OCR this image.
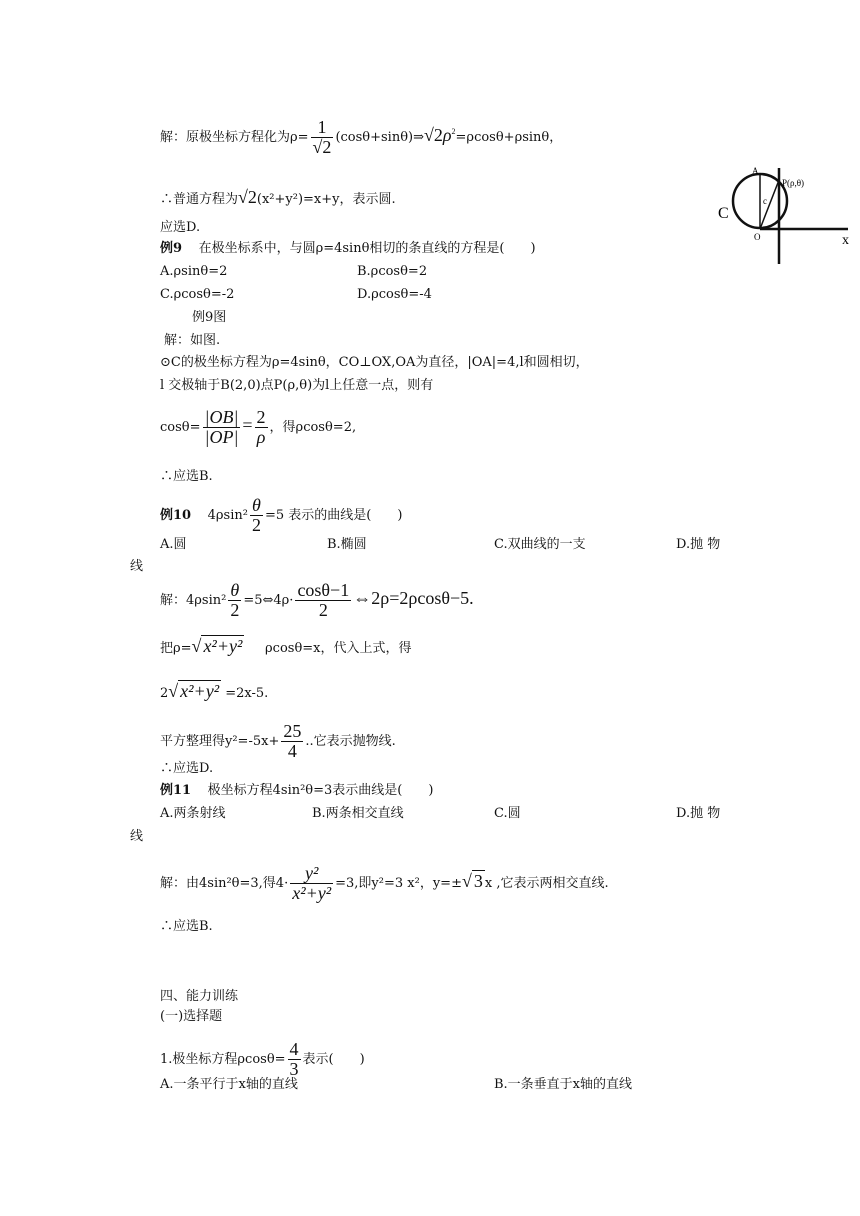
解：原极坐标方程化为$\rho= \frac{1}{√2}$ $(\cos\theta+\sin\theta)\Rightarrow√2\rho^2=\rho\cos\theta+\rho\sin\theta$，
∴普通方程为√2(x²+y²)=x+y，表示圆.
应选D.
C
A
c
O
P(ρ,θ)
x
例9 在极坐标系中，与圆ρ=4sinθ相切的条直线的方程是(　　)
A.ρsinθ=2	B.ρcosθ=2
C.ρcosθ=-2	D.ρcosθ=-4
例9图
解：如图.
⊙C的极坐标方程为ρ=4sinθ，CO⊥OX,OA为直径，|OA|=4,l和圆相切，
l 交极轴于B(2,0)点P(ρ,θ)为l上任意一点，则有
$\cos\theta= \frac{|OB|}{|OP|} = \frac{2}{\rho}$ ，得ρcosθ=2,
∴应选B.
例10 $4\rho\sin^2 \frac{\theta}{2} =5$ 表示的曲线是(　　)
A.圆	B.椭圆	C.双曲线的一支	D.抛 物
线
解：$4\rho\sin^2 \frac{\theta}{2}$ =5⇔4ρ· $\frac{\cos\theta-1}{2}$ ⇔2ρ=2ρcosθ−5.
把ρ=√ x²+y² ρcosθ=x，代入上式，得
2√ x²+y² =2x-5.
平方整理得$y^2=-5x+ \frac{25}{4}$ ..它表示抛物线.
∴应选D.
例11 极坐标方程4sin²θ=3表示曲线是(　　)
A.两条射线	B.两条相交直线	C.圆	D.抛 物
线
解：由4sin²θ=3,得$4\cdot \frac{\text{y²}}{\text{x²+y²}} =3$,即y²=3 x²，y=±√ 3 x ,它表示两相交直线.
∴应选B.
四、能力训练
(一)选择题
1.极坐标方程$\rho\cos\theta= \frac{4}{3}$ 表示(　　)
A.一条平行于x轴的直线	B.一条垂直于x轴的直线
